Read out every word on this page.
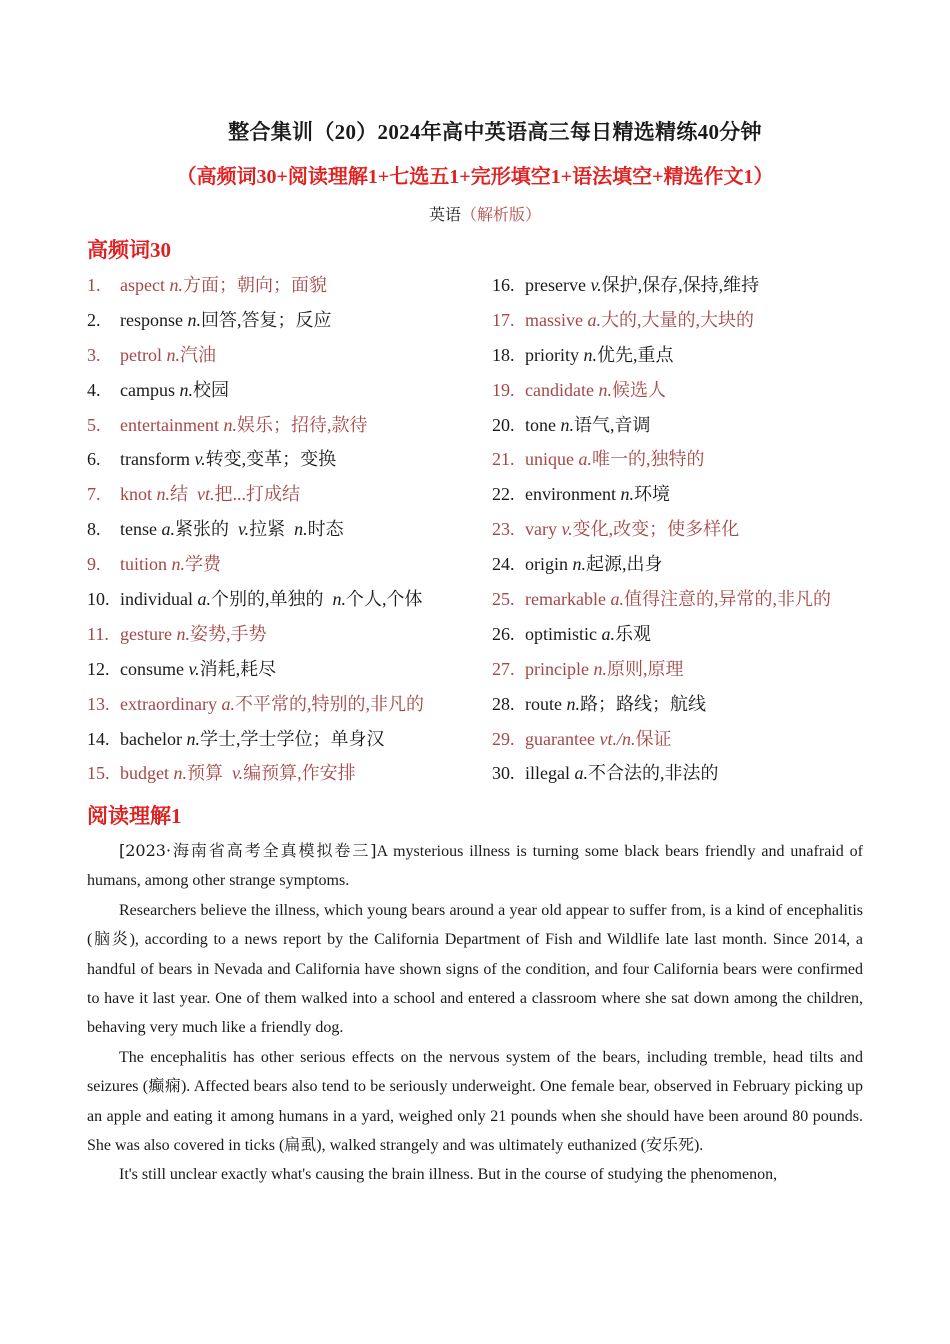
整合集训（20）2024年高中英语高三每日精选精练40分钟
（高频词30+阅读理解1+七选五1+完形填空1+语法填空+精选作文1）
英语（解析版）
高频词30
1. aspect n.方面；朝向；面貌	16. preserve v.保护,保存,保持,维持
2. response n.回答,答复；反应	17. massive a.大的,大量的,大块的
3. petrol n.汽油	18. priority n.优先,重点
4. campus n.校园	19. candidate n.候选人
5. entertainment n.娱乐；招待,款待	20. tone n.语气,音调
6. transform v.转变,变革；变换	21. unique a.唯一的,独特的
7. knot n.结 vt.把...打成结	22. environment n.环境
8. tense a.紧张的 v.拉紧 n.时态	23. vary v.变化,改变；使多样化
9. tuition n.学费	24. origin n.起源,出身
10. individual a.个别的,单独的 n.个人,个体	25. remarkable a.值得注意的,异常的,非凡的
11. gesture n.姿势,手势	26. optimistic a.乐观
12. consume v.消耗,耗尽	27. principle n.原则,原理
13. extraordinary a.不平常的,特别的,非凡的	28. route n.路；路线；航线
14. bachelor n.学士,学士学位；单身汉	29. guarantee vt./n.保证
15. budget n.预算 v.编预算,作安排	30. illegal a.不合法的,非法的
阅读理解1

[2023·海南省高考全真模拟卷三]A mysterious illness is turning some black bears friendly and unafraid of humans, among other strange symptoms.

Researchers believe the illness, which young bears around a year old appear to suffer from, is a kind of encephalitis (脑炎), according to a news report by the California Department of Fish and Wildlife late last month. Since 2014, a handful of bears in Nevada and California have shown signs of the condition, and four California bears were confirmed to have it last year. One of them walked into a school and entered a classroom where she sat down among the children, behaving very much like a friendly dog.

The encephalitis has other serious effects on the nervous system of the bears, including tremble, head tilts and seizures (癫痫). Affected bears also tend to be seriously underweight. One female bear, observed in February picking up an apple and eating it among humans in a yard, weighed only 21 pounds when she should have been around 80 pounds. She was also covered in ticks (扁虱), walked strangely and was ultimately euthanized (安乐死).

It's still unclear exactly what's causing the brain illness. But in the course of studying the phenomenon,
